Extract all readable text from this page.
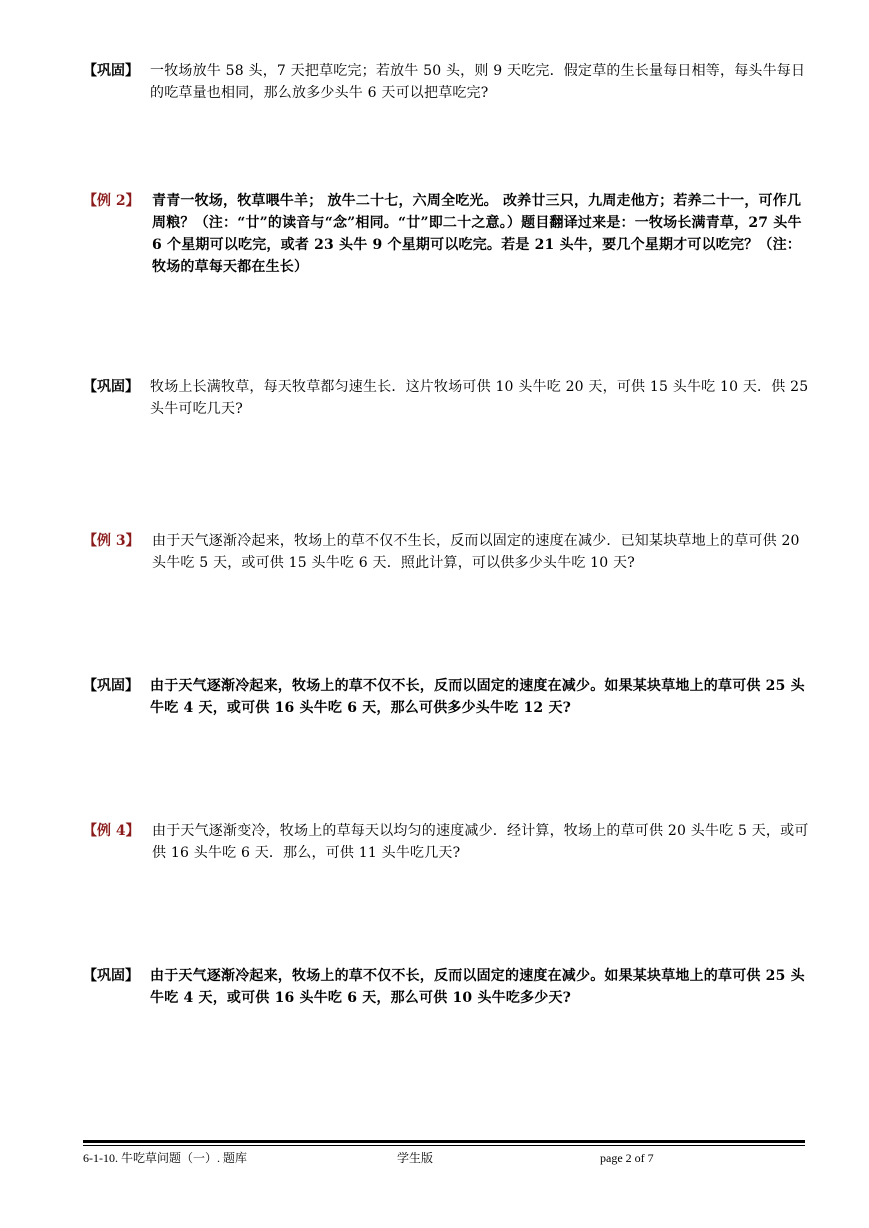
【巩固】 一牧场放牛 58 头，7 天把草吃完；若放牛 50 头，则 9 天吃完．假定草的生长量每日相等，每头牛每日的吃草量也相同，那么放多少头牛 6 天可以把草吃完?
【例 2】 青青一牧场，牧草喂牛羊； 放牛二十七，六周全吃光。 改养廿三只，九周走他方；若养二十一，可作几周粮？（注：“廿”的读音与“念”相同。“廿”即二十之意。）题目翻译过来是：一牧场长满青草，27 头牛 6 个星期可以吃完，或者 23 头牛 9 个星期可以吃完。若是 21 头牛，要几个星期才可以吃完？（注：牧场的草每天都在生长）
【巩固】 牧场上长满牧草，每天牧草都匀速生长．这片牧场可供 10 头牛吃 20 天，可供 15 头牛吃 10 天．供 25 头牛可吃几天?
【例 3】 由于天气逐渐冷起来，牧场上的草不仅不生长，反而以固定的速度在减少．已知某块草地上的草可供 20 头牛吃 5 天，或可供 15 头牛吃 6 天．照此计算，可以供多少头牛吃 10 天?
【巩固】 由于天气逐渐冷起来，牧场上的草不仅不长，反而以固定的速度在减少。如果某块草地上的草可供 25 头牛吃 4 天，或可供 16 头牛吃 6 天，那么可供多少头牛吃 12 天?
【例 4】 由于天气逐渐变冷，牧场上的草每天以均匀的速度减少．经计算，牧场上的草可供 20 头牛吃 5 天，或可供 16 头牛吃 6 天．那么，可供 11 头牛吃几天?
【巩固】 由于天气逐渐冷起来，牧场上的草不仅不长，反而以固定的速度在减少。如果某块草地上的草可供 25 头牛吃 4 天，或可供 16 头牛吃 6 天，那么可供 10 头牛吃多少天?
6-1-10. 牛吃草问题（一）. 题库	学生版	page 2 of 7
